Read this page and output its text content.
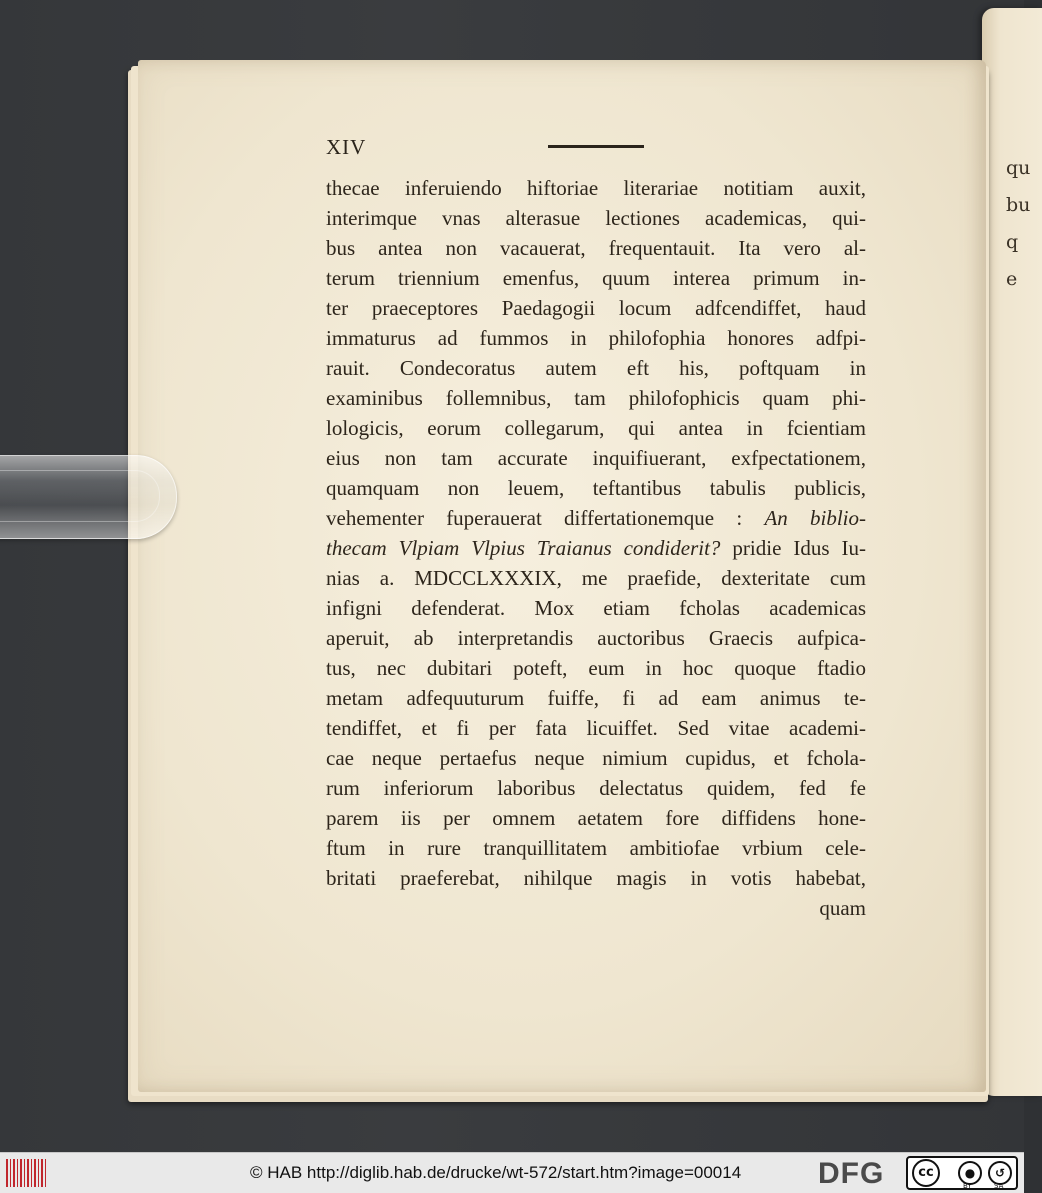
qu
bu
q
e
XIV
thecae inferuiendo hiftoriae literariae notitiam auxit,
interimque vnas alterasue lectiones academicas, qui-
bus antea non vacauerat, frequentauit. Ita vero al-
terum triennium emenfus, quum interea primum in-
ter praeceptores Paedagogii locum adfcendiffet, haud
immaturus ad fummos in philofophia honores adfpi-
rauit. Condecoratus autem eft his, poftquam in
examinibus follemnibus, tam philofophicis quam phi-
lologicis, eorum collegarum, qui antea in fcientiam
eius non tam accurate inquifiuerant, exfpectationem,
quamquam non leuem, teftantibus tabulis publicis,
vehementer fuperauerat differtationemque : An biblio-
thecam Vlpiam Vlpius Traianus condiderit? pridie Idus Iu-
nias a. MDCCLXXXIX, me praefide, dexteritate cum
infigni defenderat. Mox etiam fcholas academicas
aperuit, ab interpretandis auctoribus Graecis aufpica-
tus, nec dubitari poteft, eum in hoc quoque ftadio
metam adfequuturum fuiffe, fi ad eam animus te-
tendiffet, et fi per fata licuiffet. Sed vitae academi-
cae neque pertaefus neque nimium cupidus, et fchola-
rum inferiorum laboribus delectatus quidem, fed fe
parem iis per omnem aetatem fore diffidens hone-
ftum in rure tranquillitatem ambitiofae vrbium cele-
britati praeferebat, nihilque magis in votis habebat,
quam
© HAB http://diglib.hab.de/drucke/wt-572/start.htm?image=00014	DFG	cc	●
BY
↺
SA
